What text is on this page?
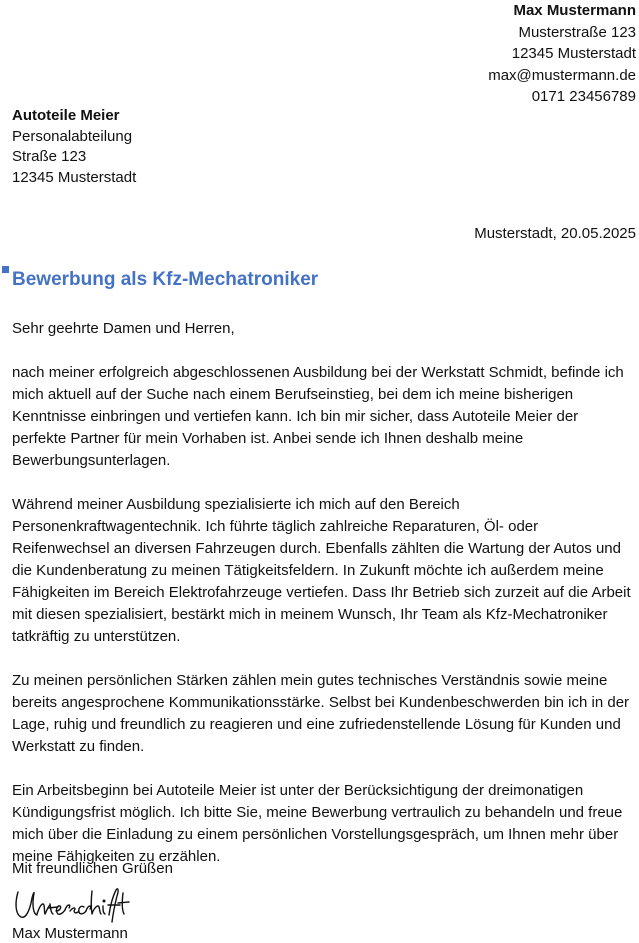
Max Mustermann
Musterstraße 123
12345 Musterstadt
max@mustermann.de
0171 23456789
Autoteile Meier
Personalabteilung
Straße 123
12345 Musterstadt
Musterstadt, 20.05.2025
Bewerbung als Kfz-Mechatroniker

Sehr geehrte Damen und Herren,

nach meiner erfolgreich abgeschlossenen Ausbildung bei der Werkstatt Schmidt, befinde ich mich aktuell auf der Suche nach einem Berufseinstieg, bei dem ich meine bisherigen Kenntnisse einbringen und vertiefen kann. Ich bin mir sicher, dass Autoteile Meier der perfekte Partner für mein Vorhaben ist. Anbei sende ich Ihnen deshalb meine Bewerbungsunterlagen.

Während meiner Ausbildung spezialisierte ich mich auf den Bereich Personenkraftwagentechnik. Ich führte täglich zahlreiche Reparaturen, Öl- oder Reifenwechsel an diversen Fahrzeugen durch. Ebenfalls zählten die Wartung der Autos und die Kundenberatung zu meinen Tätigkeitsfeldern. In Zukunft möchte ich außerdem meine Fähigkeiten im Bereich Elektrofahrzeuge vertiefen. Dass Ihr Betrieb sich zurzeit auf die Arbeit mit diesen spezialisiert, bestärkt mich in meinem Wunsch, Ihr Team als Kfz-Mechatroniker tatkräftig zu unterstützen.

Zu meinen persönlichen Stärken zählen mein gutes technisches Verständnis sowie meine bereits angesprochene Kommunikationsstärke. Selbst bei Kundenbeschwerden bin ich in der Lage, ruhig und freundlich zu reagieren und eine zufriedenstellende Lösung für Kunden und Werkstatt zu finden.

Ein Arbeitsbeginn bei Autoteile Meier ist unter der Berücksichtigung der dreimonatigen Kündigungsfrist möglich. Ich bitte Sie, meine Bewerbung vertraulich zu behandeln und freue mich über die Einladung zu einem persönlichen Vorstellungsgespräch, um Ihnen mehr über meine Fähigkeiten zu erzählen.

Mit freundlichen Grüßen
Max Mustermann
